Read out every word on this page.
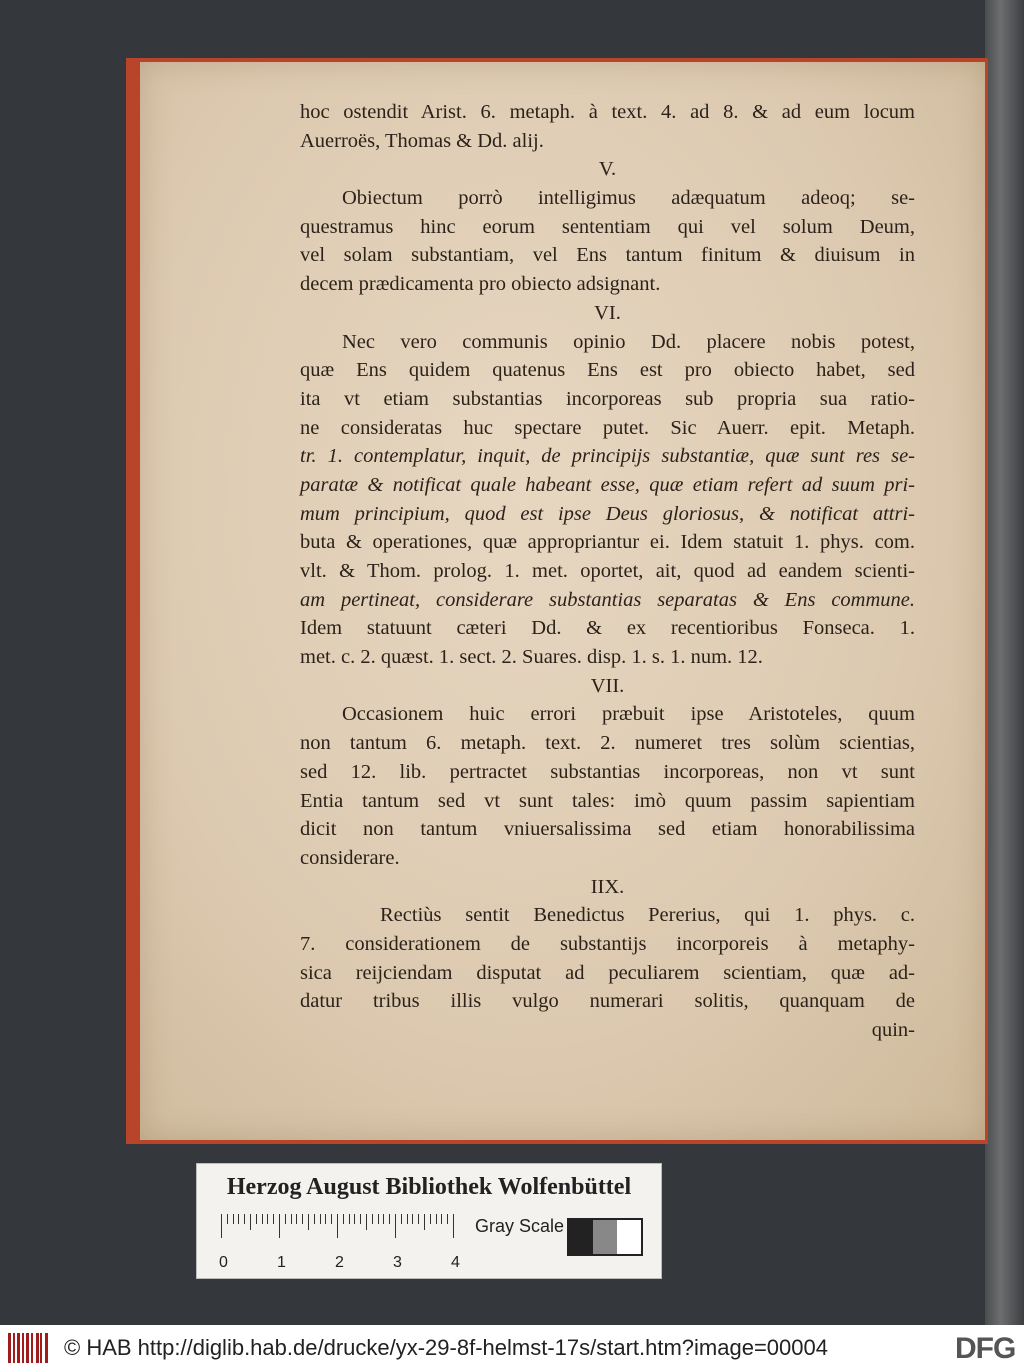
hoc ostendit Arist. 6. metaph. à text. 4. ad 8. & ad eum locum
Auerroës, Thomas & Dd. alij.
V.
Obiectum porrò intelligimus adæquatum adeoq; se-
questramus hinc eorum sententiam qui vel solum Deum,
vel solam substantiam, vel Ens tantum finitum & diuisum in
decem prædicamenta pro obiecto adsignant.
VI.
Nec vero communis opinio Dd. placere nobis potest,
quæ Ens quidem quatenus Ens est pro obiecto habet, sed
ita vt etiam substantias incorporeas sub propria sua ratio-
ne consideratas huc spectare putet. Sic Auerr. epit. Metaph.
tr. 1. contemplatur, inquit, de principijs substantiæ, quæ sunt res se-
paratæ & notificat quale habeant esse, quæ etiam refert ad suum pri-
mum principium, quod est ipse Deus gloriosus, & notificat attri-
buta & operationes, quæ appropriantur ei. Idem statuit 1. phys. com.
vlt. & Thom. prolog. 1. met. oportet, ait, quod ad eandem scienti-
am pertineat, considerare substantias separatas & Ens commune.
Idem statuunt cæteri Dd. & ex recentioribus Fonseca. 1.
met. c. 2. quæst. 1. sect. 2. Suares. disp. 1. s. 1. num. 12.
VII.
Occasionem huic errori præbuit ipse Aristoteles, quum
non tantum 6. metaph. text. 2. numeret tres solùm scientias,
sed 12. lib. pertractet substantias incorporeas, non vt sunt
Entia tantum sed vt sunt tales: imò quum passim sapientiam
dicit non tantum vniuersalissima sed etiam honorabilissima
considerare.
IIX.
Rectiùs sentit Benedictus Pererius, qui 1. phys. c.
7. considerationem de substantijs incorporeis à metaphy-
sica reijciendam disputat ad peculiarem scientiam, quæ ad-
datur tribus illis vulgo numerari solitis, quanquam de
quin-
Herzog August Bibliothek Wolfenbüttel
0	1	2	3	4
Gray Scale
© HAB http://diglib.hab.de/drucke/yx-29-8f-helmst-17s/start.htm?image=00004	DFG
